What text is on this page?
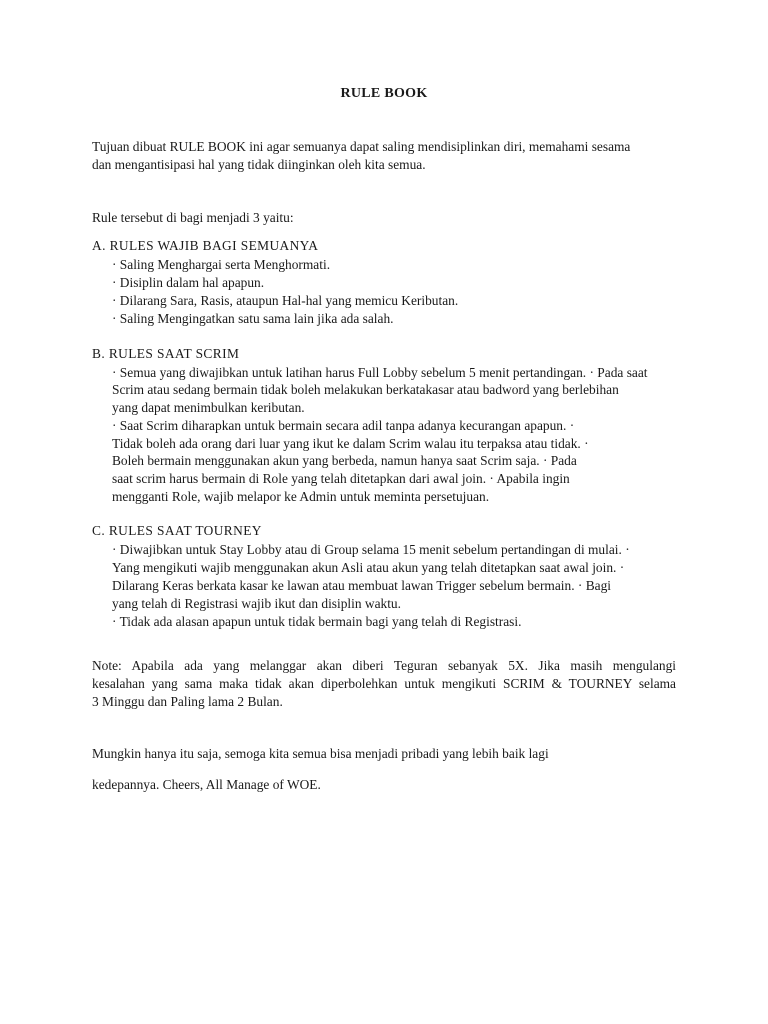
RULE BOOK
Tujuan dibuat RULE BOOK ini agar semuanya dapat saling mendisiplinkan diri, memahami sesama
dan mengantisipasi hal yang tidak diinginkan oleh kita semua.
Rule tersebut di bagi menjadi 3 yaitu:
A. RULES WAJIB BAGI SEMUANYA
· Saling Menghargai serta Menghormati.
· Disiplin dalam hal apapun.
· Dilarang Sara, Rasis, ataupun Hal-hal yang memicu Keributan.
· Saling Mengingatkan satu sama lain jika ada salah.
B. RULES SAAT SCRIM
· Semua yang diwajibkan untuk latihan harus Full Lobby sebelum 5 menit pertandingan. · Pada saat
Scrim atau sedang bermain tidak boleh melakukan berkatakasar atau badword yang berlebihan
yang dapat menimbulkan keributan.
· Saat Scrim diharapkan untuk bermain secara adil tanpa adanya kecurangan apapun. ·
Tidak boleh ada orang dari luar yang ikut ke dalam Scrim walau itu terpaksa atau tidak. ·
Boleh bermain menggunakan akun yang berbeda, namun hanya saat Scrim saja. · Pada
saat scrim harus bermain di Role yang telah ditetapkan dari awal join. · Apabila ingin
mengganti Role, wajib melapor ke Admin untuk meminta persetujuan.
C. RULES SAAT TOURNEY
· Diwajibkan untuk Stay Lobby atau di Group selama 15 menit sebelum pertandingan di mulai. ·
Yang mengikuti wajib menggunakan akun Asli atau akun yang telah ditetapkan saat awal join. ·
Dilarang Keras berkata kasar ke lawan atau membuat lawan Trigger sebelum bermain. · Bagi
yang telah di Registrasi wajib ikut dan disiplin waktu.
· Tidak ada alasan apapun untuk tidak bermain bagi yang telah di Registrasi.
Note: Apabila ada yang melanggar akan diberi Teguran sebanyak 5X. Jika masih mengulangi
kesalahan yang sama maka tidak akan diperbolehkan untuk mengikuti SCRIM & TOURNEY selama
3 Minggu dan Paling lama 2 Bulan.
Mungkin hanya itu saja, semoga kita semua bisa menjadi pribadi yang lebih baik lagi
kedepannya. Cheers, All Manage of WOE.
